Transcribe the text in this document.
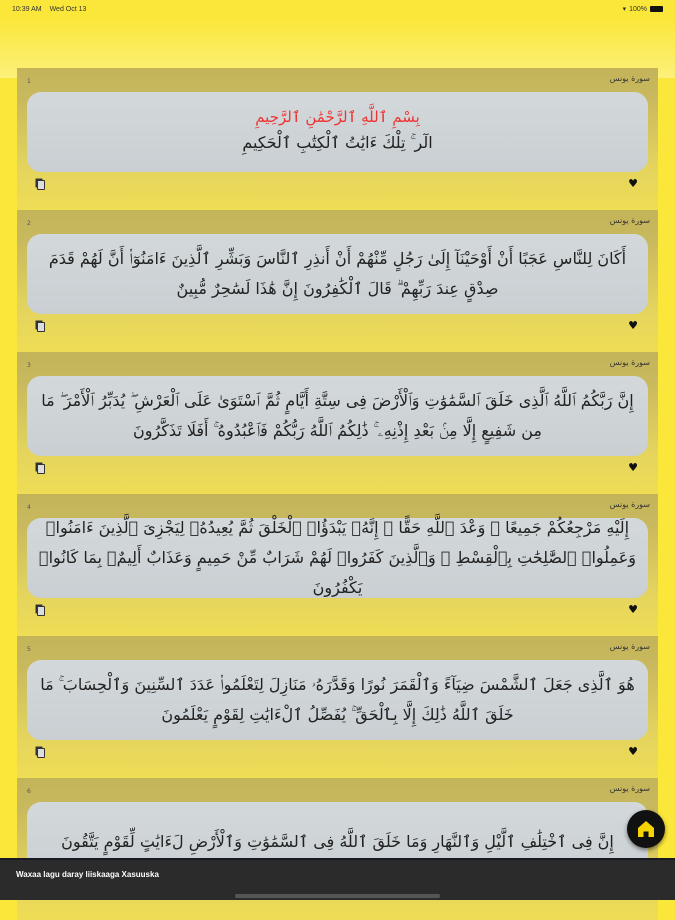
10:39 AM Wed Oct 13	▾ 100%
1	سورة يونس
بِسْمِ ٱللَّهِ ٱلرَّحْمَٰنِ ٱلرَّحِيمِ
الٓر ۚ تِلْكَ ءَايَٰتُ ٱلْكِتَٰبِ ٱلْحَكِيمِ
♥
2	سورة يونس
أَكَانَ لِلنَّاسِ عَجَبًا أَنْ أَوْحَيْنَآ إِلَىٰ رَجُلٍ مِّنْهُمْ أَنْ أَنذِرِ ٱلنَّاسَ وَبَشِّرِ ٱلَّذِينَ ءَامَنُوٓا۟ أَنَّ لَهُمْ قَدَمَ صِدْقٍ عِندَ رَبِّهِمْ ۗ قَالَ ٱلْكَٰفِرُونَ إِنَّ هَٰذَا لَسَٰحِرٌ مُّبِينٌ
♥
3	سورة يونس
إِنَّ رَبَّكُمُ ٱللَّهُ ٱلَّذِى خَلَقَ ٱلسَّمَٰوَٰتِ وَٱلْأَرْضَ فِى سِتَّةِ أَيَّامٍ ثُمَّ ٱسْتَوَىٰ عَلَى ٱلْعَرْشِ ۖ يُدَبِّرُ ٱلْأَمْرَ ۖ مَا مِن شَفِيعٍ إِلَّا مِنۢ بَعْدِ إِذْنِهِۦ ۚ ذَٰلِكُمُ ٱللَّهُ رَبُّكُمْ فَٱعْبُدُوهُ ۚ أَفَلَا تَذَكَّرُونَ
♥
4	سورة يونس
إِلَيْهِ مَرْجِعُكُمْ جَمِيعًا ۖ وَعْدَ ٱللَّهِ حَقًّا ۚ إِنَّهُۥ يَبْدَؤُا۟ ٱلْخَلْقَ ثُمَّ يُعِيدُهُۥ لِيَجْزِىَ ٱلَّذِينَ ءَامَنُوا۟ وَعَمِلُوا۟ ٱلصَّٰلِحَٰتِ بِٱلْقِسْطِ ۚ وَٱلَّذِينَ كَفَرُوا۟ لَهُمْ شَرَابٌ مِّنْ حَمِيمٍ وَعَذَابٌ أَلِيمٌۢ بِمَا كَانُوا۟ يَكْفُرُونَ
♥
5	سورة يونس
هُوَ ٱلَّذِى جَعَلَ ٱلشَّمْسَ ضِيَآءً وَٱلْقَمَرَ نُورًا وَقَدَّرَهُۥ مَنَازِلَ لِتَعْلَمُوا۟ عَدَدَ ٱلسِّنِينَ وَٱلْحِسَابَ ۚ مَا خَلَقَ ٱللَّهُ ذَٰلِكَ إِلَّا بِٱلْحَقِّ ۚ يُفَصِّلُ ٱلْءَايَٰتِ لِقَوْمٍ يَعْلَمُونَ
♥
6	سورة يونس
إِنَّ فِى ٱخْتِلَٰفِ ٱلَّيْلِ وَٱلنَّهَارِ وَمَا خَلَقَ ٱللَّهُ فِى ٱلسَّمَٰوَٰتِ وَٱلْأَرْضِ لَءَايَٰتٍ لِّقَوْمٍ يَتَّقُونَ
Waxaa lagu daray liiskaaga Xasuuska
